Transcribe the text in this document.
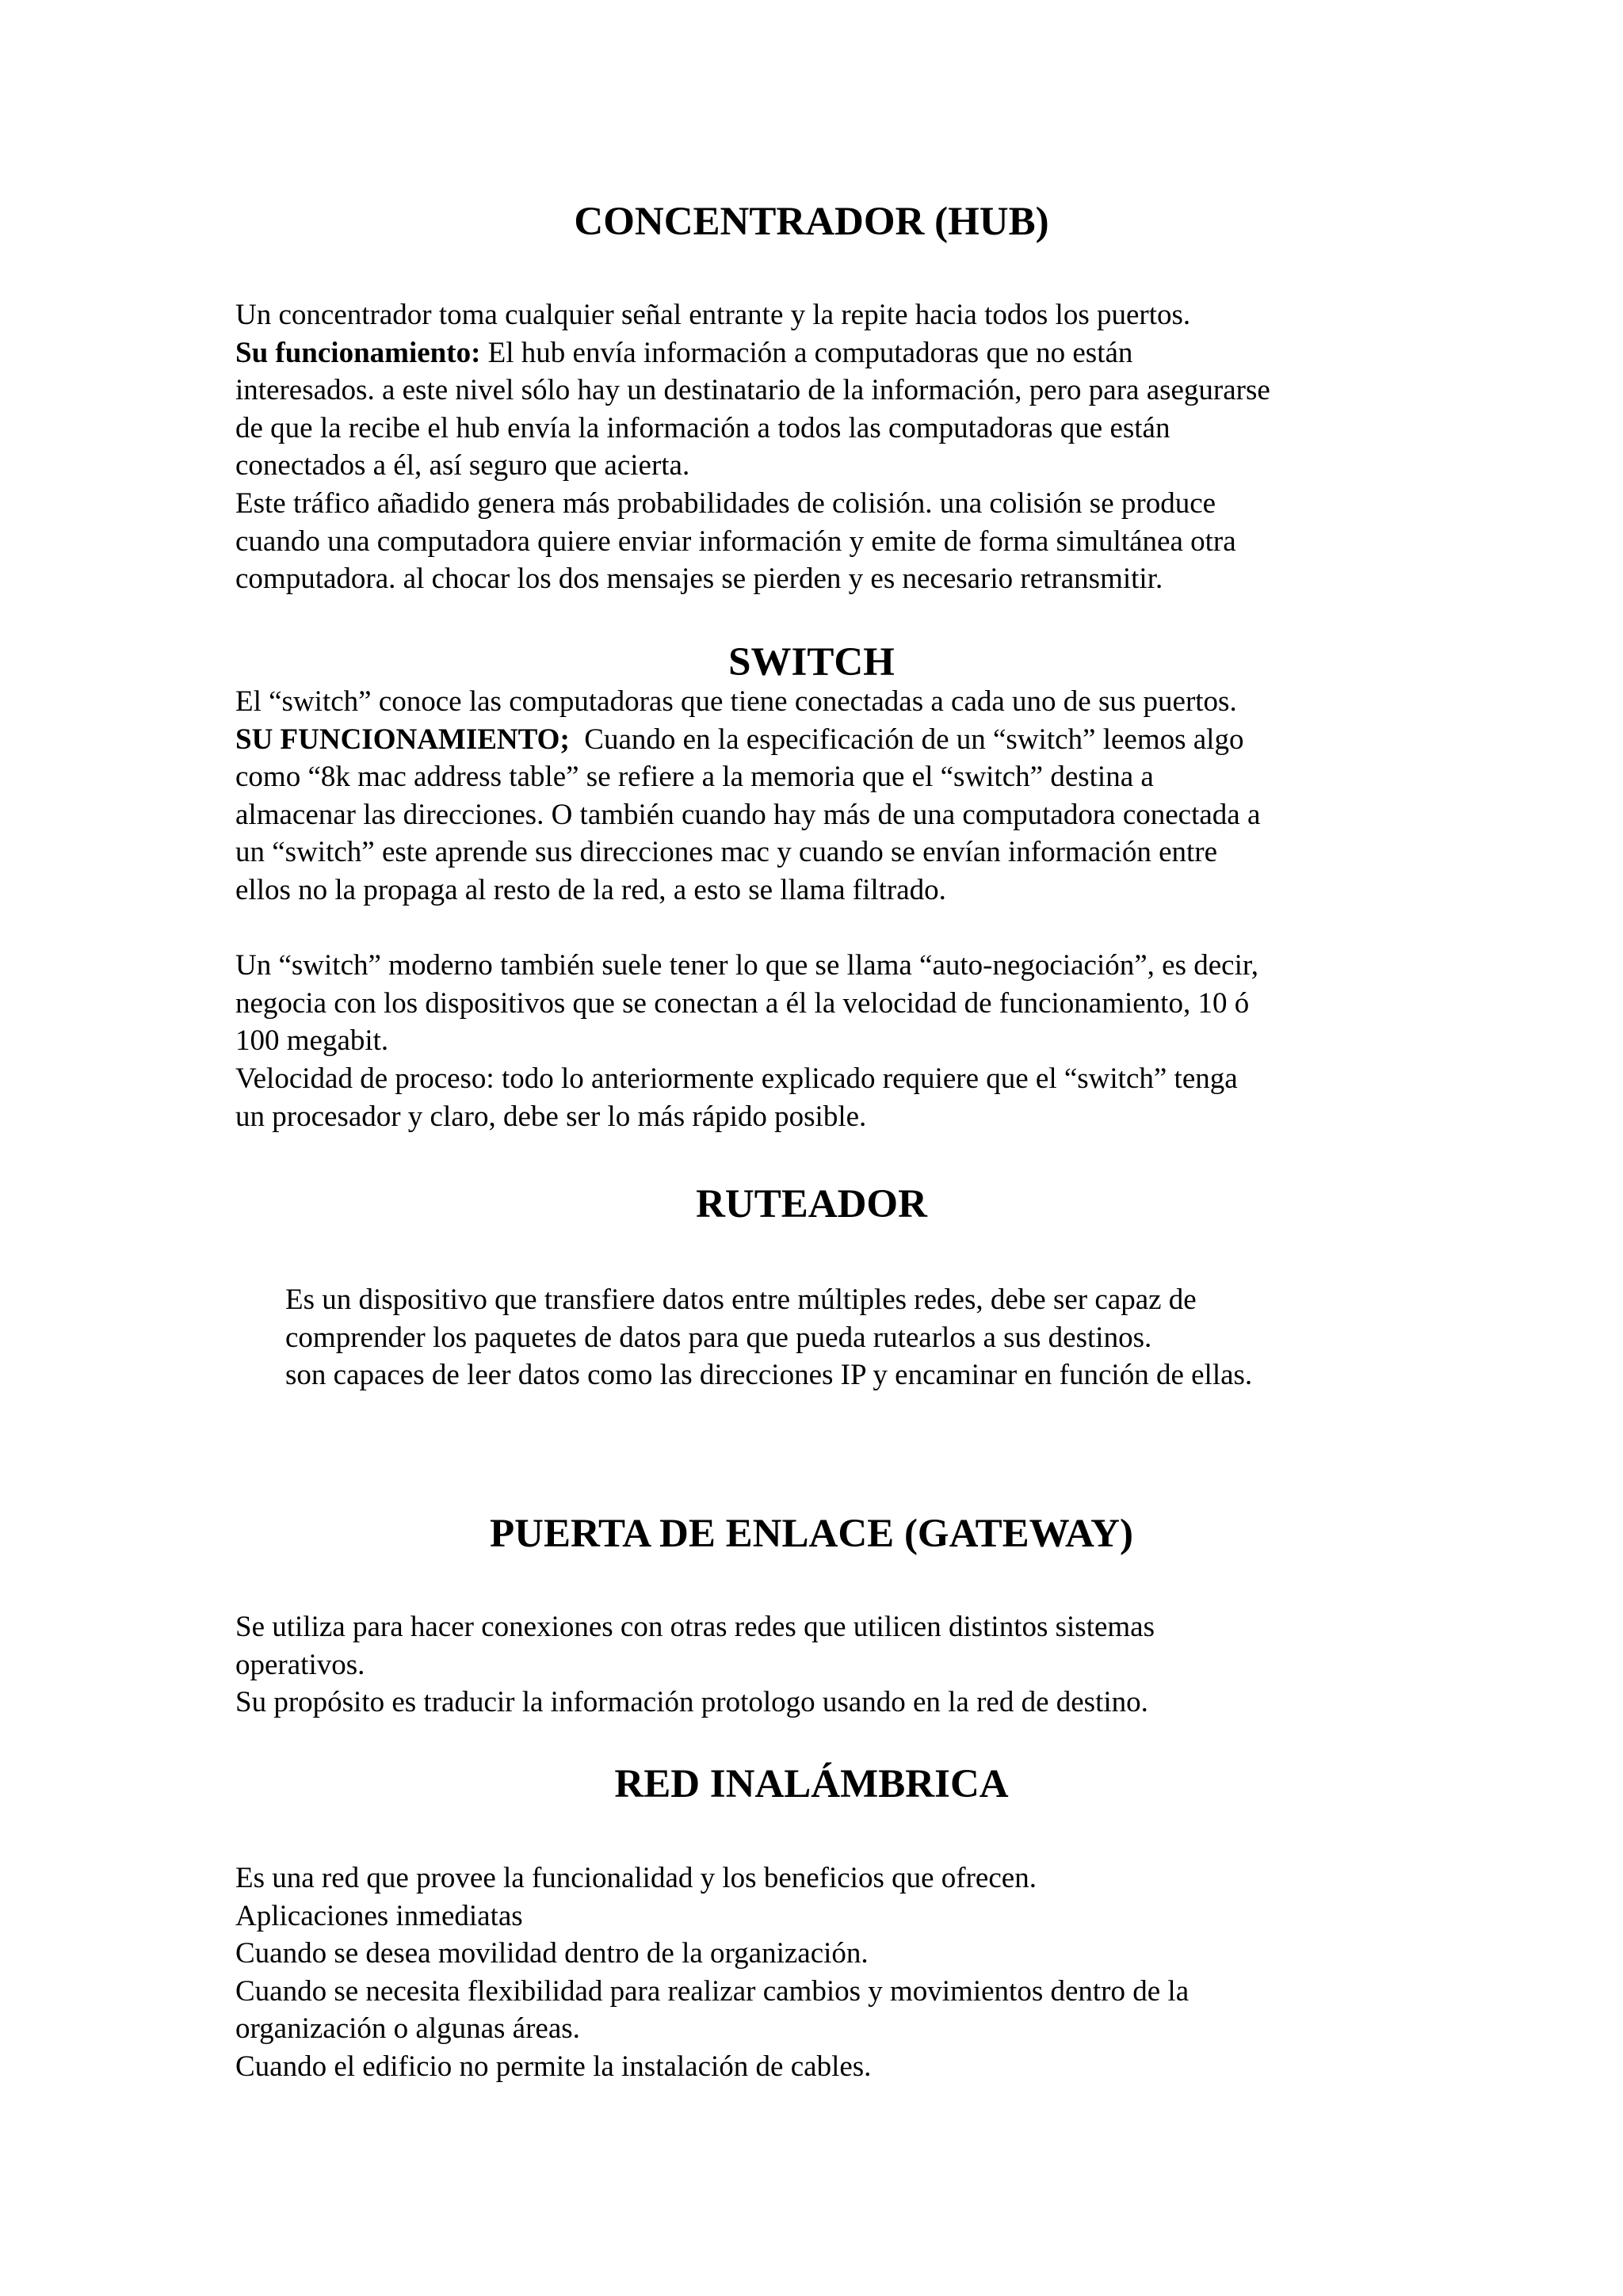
CONCENTRADOR (HUB)
Un concentrador toma cualquier señal entrante y la repite hacia todos los puertos.
Su funcionamiento: El hub envía información a computadoras que no están
interesados. a este nivel sólo hay un destinatario de la información, pero para asegurarse
de que la recibe el hub envía la información a todos las computadoras que están
conectados a él, así seguro que acierta.
Este tráfico añadido genera más probabilidades de colisión. una colisión se produce
cuando una computadora quiere enviar información y emite de forma simultánea otra
computadora. al chocar los dos mensajes se pierden y es necesario retransmitir.
SWITCH
El “switch” conoce las computadoras que tiene conectadas a cada uno de sus puertos.
SU FUNCIONAMIENTO;  Cuando en la especificación de un “switch” leemos algo
como “8k mac address table” se refiere a la memoria que el “switch” destina a
almacenar las direcciones. O también cuando hay más de una computadora conectada a
un “switch” este aprende sus direcciones mac y cuando se envían información entre
ellos no la propaga al resto de la red, a esto se llama filtrado.
Un “switch” moderno también suele tener lo que se llama “auto-negociación”, es decir,
negocia con los dispositivos que se conectan a él la velocidad de funcionamiento, 10 ó
100 megabit.
Velocidad de proceso: todo lo anteriormente explicado requiere que el “switch” tenga
un procesador y claro, debe ser lo más rápido posible.
RUTEADOR
Es un dispositivo que transfiere datos entre múltiples redes, debe ser capaz de
comprender los paquetes de datos para que pueda rutearlos a sus destinos.
son capaces de leer datos como las direcciones IP y encaminar en función de ellas.
PUERTA DE ENLACE (GATEWAY)
Se utiliza para hacer conexiones con otras redes que utilicen distintos sistemas
operativos.
Su propósito es traducir la información protologo usando en la red de destino.
RED INALÁMBRICA
Es una red que provee la funcionalidad y los beneficios que ofrecen.
Aplicaciones inmediatas
Cuando se desea movilidad dentro de la organización.
Cuando se necesita flexibilidad para realizar cambios y movimientos dentro de la
organización o algunas áreas.
Cuando el edificio no permite la instalación de cables.
